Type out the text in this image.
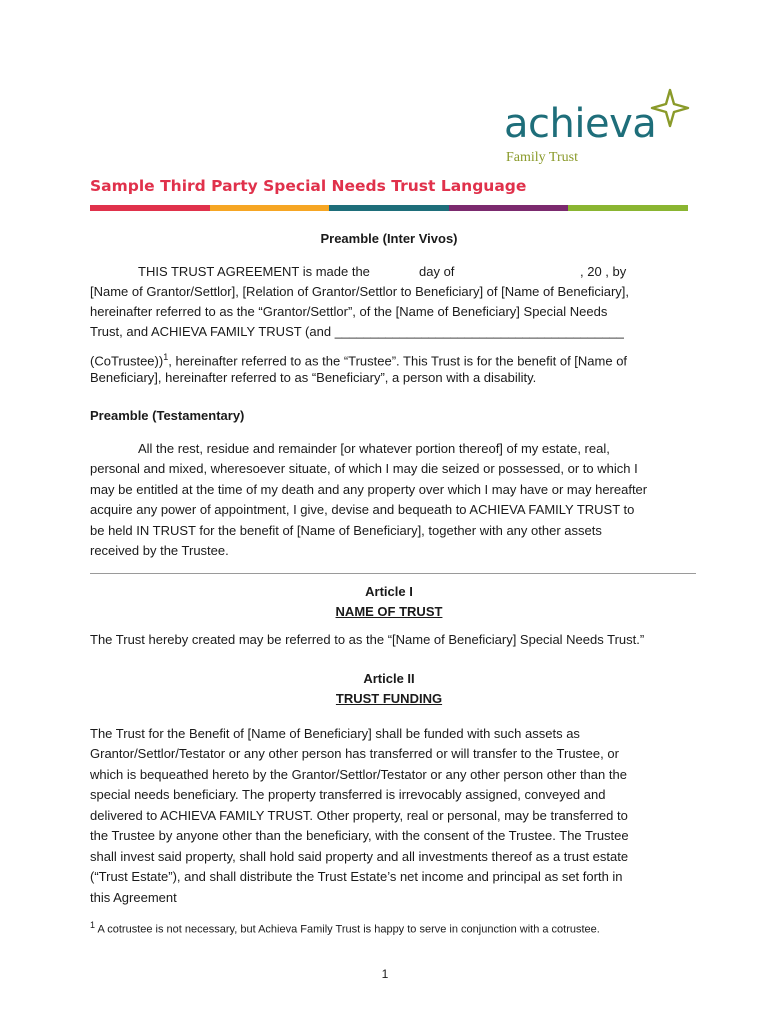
achieva
Family Trust
Sample Third Party Special Needs Trust Language
Preamble (Inter Vivos)
THIS TRUST AGREEMENT is made the	day of	, 20 , by
[Name of Grantor/Settlor], [Relation of Grantor/Settlor to Beneficiary] of [Name of Beneficiary],
hereinafter referred to as the “Grantor/Settlor”, of the [Name of Beneficiary] Special Needs
Trust, and ACHIEVA FAMILY TRUST (and ________________________________________
(CoTrustee))$^1$, hereinafter referred to as the “Trustee”. This Trust is for the benefit of [Name of
Beneficiary], hereinafter referred to as “Beneficiary”, a person with a disability.
Preamble (Testamentary)
All the rest, residue and remainder [or whatever portion thereof] of my estate, real,
personal and mixed, wheresoever situate, of which I may die seized or possessed, or to which I
may be entitled at the time of my death and any property over which I may have or may hereafter
acquire any power of appointment, I give, devise and bequeath to ACHIEVA FAMILY TRUST to
be held IN TRUST for the benefit of [Name of Beneficiary], together with any other assets
received by the Trustee.
Article I
NAME OF TRUST
The Trust hereby created may be referred to as the “[Name of Beneficiary] Special Needs Trust.”
Article II
TRUST FUNDING
The Trust for the Benefit of [Name of Beneficiary] shall be funded with such assets as
Grantor/Settlor/Testator or any other person has transferred or will transfer to the Trustee, or
which is bequeathed hereto by the Grantor/Settlor/Testator or any other person other than the
special needs beneficiary. The property transferred is irrevocably assigned, conveyed and
delivered to ACHIEVA FAMILY TRUST. Other property, real or personal, may be transferred to
the Trustee by anyone other than the beneficiary, with the consent of the Trustee. The Trustee
shall invest said property, shall hold said property and all investments thereof as a trust estate
(“Trust Estate”), and shall distribute the Trust Estate’s net income and principal as set forth in
this Agreement
$^1$ A cotrustee is not necessary, but Achieva Family Trust is happy to serve in conjunction with a cotrustee.
1
